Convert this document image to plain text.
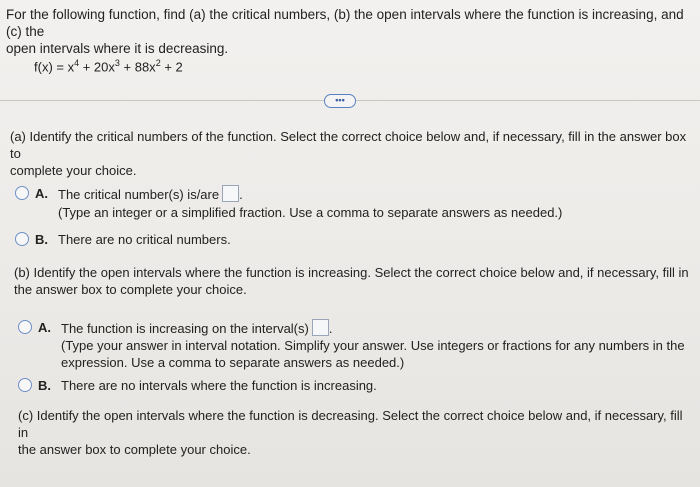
For the following function, find (a) the critical numbers, (b) the open intervals where the function is increasing, and (c) the
open intervals where it is decreasing.
$f(x) = x^4 + 20x^3 + 88x^2 + 2$
•••
(a) Identify the critical numbers of the function. Select the correct choice below and, if necessary, fill in the answer box to
complete your choice.
A. The critical number(s) is/are .
(Type an integer or a simplified fraction. Use a comma to separate answers as needed.)
B. There are no critical numbers.
(b) Identify the open intervals where the function is increasing. Select the correct choice below and, if necessary, fill in
the answer box to complete your choice.
A. The function is increasing on the interval(s) .
(Type your answer in interval notation. Simplify your answer. Use integers or fractions for any numbers in the
expression. Use a comma to separate answers as needed.)
B. There are no intervals where the function is increasing.
(c) Identify the open intervals where the function is decreasing. Select the correct choice below and, if necessary, fill in
the answer box to complete your choice.
